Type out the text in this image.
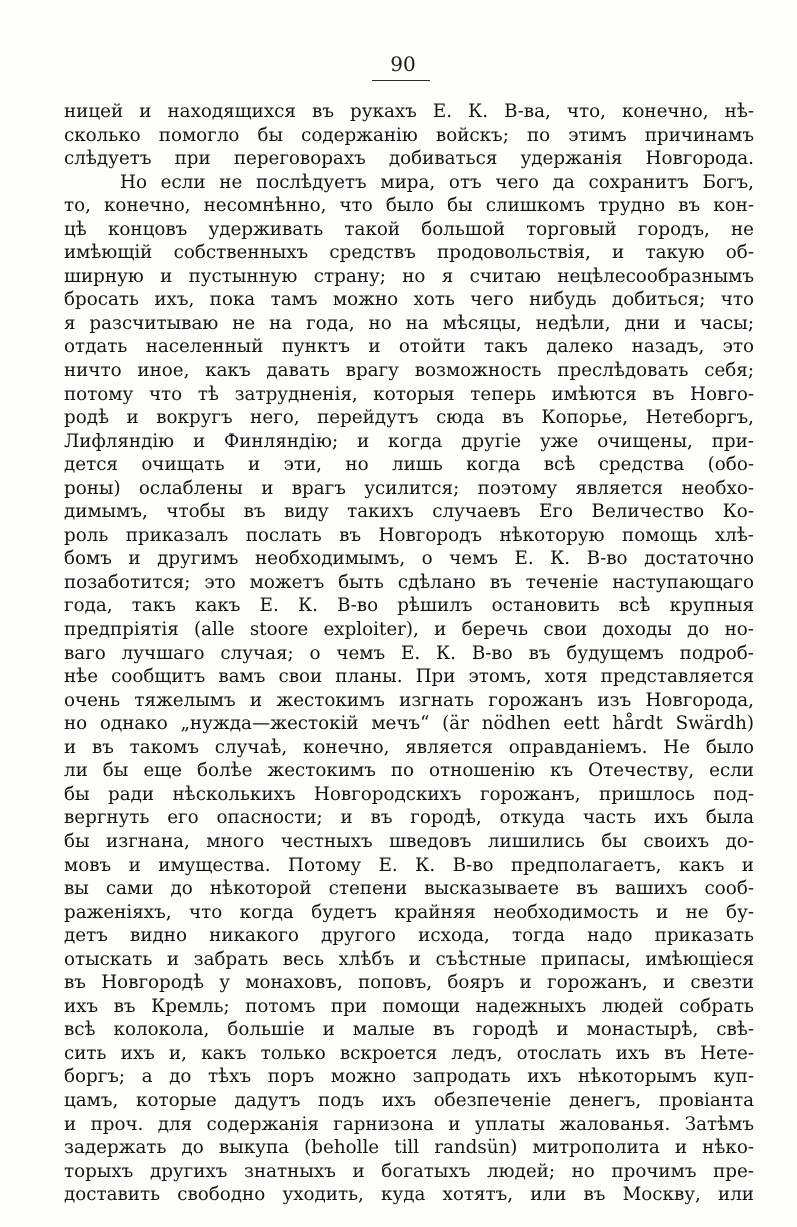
90
ницей и находящихся въ рукахъ Е. К. В-ва, что, конечно, нѣ-
сколько помогло бы содержанію войскъ; по этимъ причинамъ
слѣдуетъ при переговорахъ добиваться удержанія Новгорода.
Но если не послѣдуетъ мира, отъ чего да сохранитъ Богъ,
то, конечно, несомнѣнно, что было бы слишкомъ трудно въ кон-
цѣ концовъ удерживать такой большой торговый городъ, не
имѣющій собственныхъ средствъ продовольствія, и такую об-
ширную и пустынную страну; но я считаю нецѣлесообразнымъ
бросать ихъ, пока тамъ можно хоть чего нибудь добиться; что
я разсчитываю не на года, но на мѣсяцы, недѣли, дни и часы;
отдать населенный пунктъ и отойти такъ далеко назадъ, это
ничто иное, какъ давать врагу возможность преслѣдовать себя;
потому что тѣ затрудненія, которыя теперь имѣются въ Новго-
родѣ и вокругъ него, перейдутъ сюда въ Копорье, Нетеборгъ,
Лифляндію и Финляндію; и когда другіе уже очищены, при-
дется очищать и эти, но лишь когда всѣ средства (обо-
роны) ослаблены и врагъ усилится; поэтому является необхо-
димымъ, чтобы въ виду такихъ случаевъ Его Величество Ко-
роль приказалъ послать въ Новгородъ нѣкоторую помощь хлѣ-
бомъ и другимъ необходимымъ, о чемъ Е. К. В-во достаточно
позаботится; это можетъ быть сдѣлано въ теченіе наступающаго
года, такъ какъ Е. К. В-во рѣшилъ остановить всѣ крупныя
предпріятія (alle stoore exploiter), и беречь свои доходы до но-
ваго лучшаго случая; о чемъ Е. К. В-во въ будущемъ подроб-
нѣе сообщитъ вамъ свои планы. При этомъ, хотя представляется
очень тяжелымъ и жестокимъ изгнать горожанъ изъ Новгорода,
но однако „нужда—жестокій мечъ“ (är nödhen eett hårdt Swärdh)
и въ такомъ случаѣ, конечно, является оправданіемъ. Не было
ли бы еще болѣе жестокимъ по отношенію къ Отечеству, если
бы ради нѣсколькихъ Новгородскихъ горожанъ, пришлось под-
вергнуть его опасности; и въ городѣ, откуда часть ихъ была
бы изгнана, много честныхъ шведовъ лишились бы своихъ до-
мовъ и имущества. Потому Е. К. В-во предполагаетъ, какъ и
вы сами до нѣкоторой степени высказываете въ вашихъ сооб-
раженіяхъ, что когда будетъ крайняя необходимость и не бу-
детъ видно никакого другого исхода, тогда надо приказать
отыскать и забрать весь хлѣбъ и съѣстные припасы, имѣющіеся
въ Новгородѣ у монаховъ, поповъ, бояръ и горожанъ, и свезти
ихъ въ Кремль; потомъ при помощи надежныхъ людей собрать
всѣ колокола, большіе и малые въ городѣ и монастырѣ, свѣ-
сить ихъ и, какъ только вскроется ледъ, отослать ихъ въ Нете-
боргъ; а до тѣхъ поръ можно запродать ихъ нѣкоторымъ куп-
цамъ, которые дадутъ подъ ихъ обезпеченіе денегъ, провіанта
и проч. для содержанія гарнизона и уплаты жалованья. Затѣмъ
задержать до выкупа (beholle till randsün) митрополита и нѣко-
торыхъ другихъ знатныхъ и богатыхъ людей; но прочимъ пре-
доставить свободно уходить, куда хотятъ, или въ Москву, или
